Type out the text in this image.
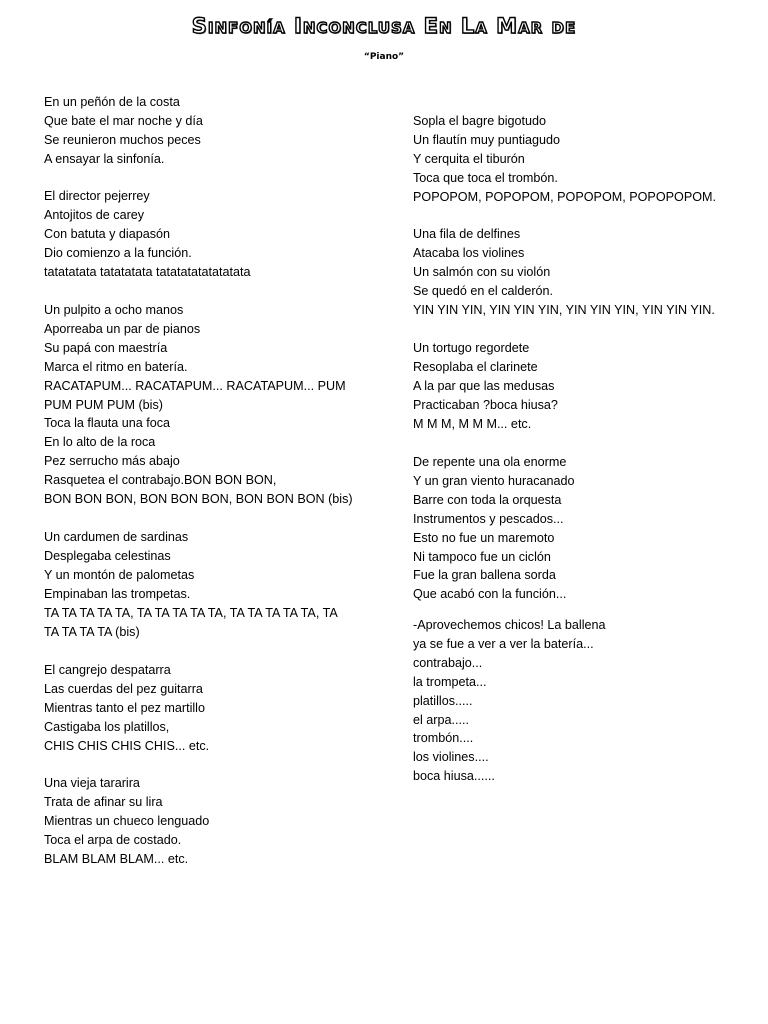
Sinfonía Inconclusa En La Mar de
“Piano”
En un peñón de la costa
Que bate el mar noche y día
Se reunieron muchos peces
A ensayar la sinfonía.
El director pejerrey
Antojitos de carey
Con batuta y diapasón
Dio comienzo a la función.
tatatatata tatatatata tatatatatatatatata
Un pulpito a ocho manos
Aporreaba un par de pianos
Su papá con maestría
Marca el ritmo en batería.
RACATAPUM... RACATAPUM... RACATAPUM... PUM
PUM PUM PUM (bis)
Toca la flauta una foca
En lo alto de la roca
Pez serrucho más abajo
Rasquetea el contrabajo.BON BON BON,
BON BON BON, BON BON BON, BON BON BON (bis)
Un cardumen de sardinas
Desplegaba celestinas
Y un montón de palometas
Empinaban las trompetas.
TA TA TA TA TA, TA TA TA TA TA, TA TA TA TA TA, TA
TA TA TA TA (bis)
El cangrejo despatarra
Las cuerdas del pez guitarra
Mientras tanto el pez martillo
Castigaba los platillos,
CHIS CHIS CHIS CHIS... etc.
Una vieja tararira
Trata de afinar su lira
Mientras un chueco lenguado
Toca el arpa de costado.
BLAM BLAM BLAM... etc.
Sopla el bagre bigotudo
Un flautín muy puntiagudo
Y cerquita el tiburón
Toca que toca el trombón.
POPOPOM, POPOPOM, POPOPOM, POPOPOPOM.
Una fila de delfines
Atacaba los violines
Un salmón con su violón
Se quedó en el calderón.
YIN YIN YIN, YIN YIN YIN, YIN YIN YIN, YIN YIN YIN.
Un tortugo regordete
Resoplaba el clarinete
A la par que las medusas
Practicaban ?boca hiusa?
M M M, M M M... etc.
De repente una ola enorme
Y un gran viento huracanado
Barre con toda la orquesta
Instrumentos y pescados...
Esto no fue un maremoto
Ni tampoco fue un ciclón
Fue la gran ballena sorda
Que acabó con la función...
-Aprovechemos chicos! La ballena
ya se fue a ver a ver la batería...
contrabajo...
la trompeta...
platillos.....
el arpa.....
trombón....
los violines....
boca hiusa......
